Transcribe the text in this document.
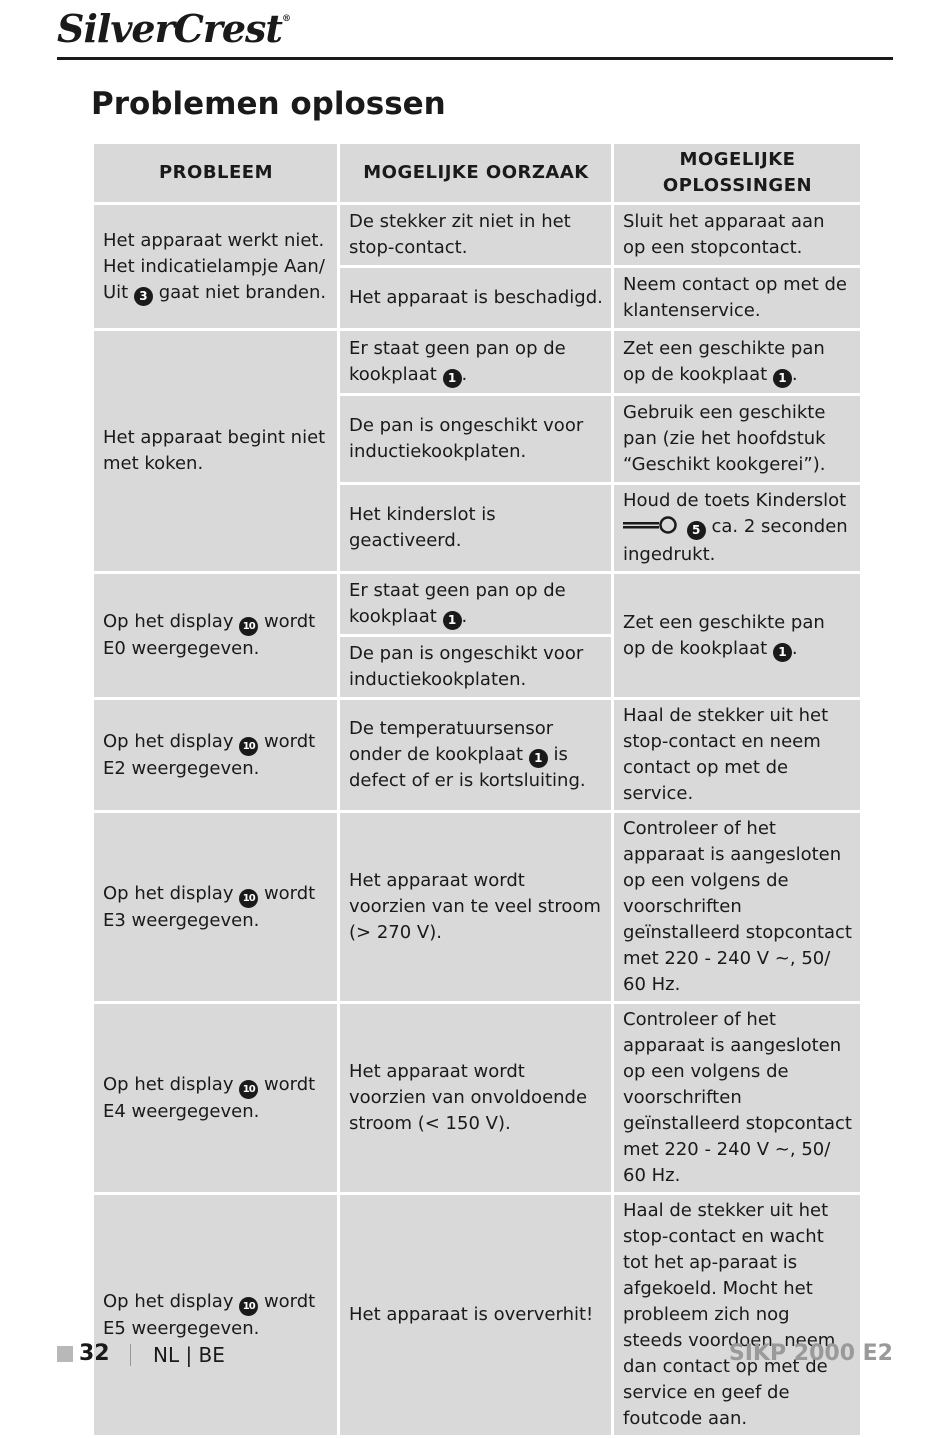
SilverCrest®
Problemen oplossen
PROBLEEM	MOGELIJKE OORZAAK	MOGELIJKE OPLOSSINGEN
Het apparaat werkt niet. Het indicatielampje Aan/ Uit 3 gaat niet branden.	De stekker zit niet in het stop-contact.	Sluit het apparaat aan op een stopcontact.
	Het apparaat is beschadigd.	Neem contact op met de klantenservice.
Het apparaat begint niet met koken.	Er staat geen pan op de kookplaat 1 .	Zet een geschikte pan op de kookplaat 1 .
	De pan is ongeschikt voor inductiekookplaten.	Gebruik een geschikte pan (zie het hoofdstuk “Geschikt kookgerei”).
	Het kinderslot is geactiveerd.	Houd de toets Kinderslot  5 ca. 2 seconden ingedrukt.
Op het display 10 wordt E0 weergegeven.	Er staat geen pan op de kookplaat 1 .	Zet een geschikte pan op de kookplaat 1 .
	De pan is ongeschikt voor inductiekookplaten.	
Op het display 10 wordt E2 weergegeven.	De temperatuursensor onder de kookplaat 1 is defect of er is kortsluiting.	Haal de stekker uit het stop-contact en neem contact op met de service.
Op het display 10 wordt E3 weergegeven.	Het apparaat wordt voorzien van te veel stroom (> 270 V).	Controleer of het apparaat is aangesloten op een volgens de voorschriften geïnstalleerd stopcontact met 220 - 240 V ~, 50/ 60 Hz.
Op het display 10 wordt E4 weergegeven.	Het apparaat wordt voorzien van onvoldoende stroom (< 150 V).	Controleer of het apparaat is aangesloten op een volgens de voorschriften geïnstalleerd stopcontact met 220 - 240 V ~, 50/ 60 Hz.
Op het display 10 wordt E5 weergegeven.	Het apparaat is oververhit!	Haal de stekker uit het stop-contact en wacht tot het ap-paraat is afgekoeld. Mocht het probleem zich nog steeds voordoen, neem dan contact op met de service en geef de foutcode aan.
32 NL | BE	SIKP 2000 E2
